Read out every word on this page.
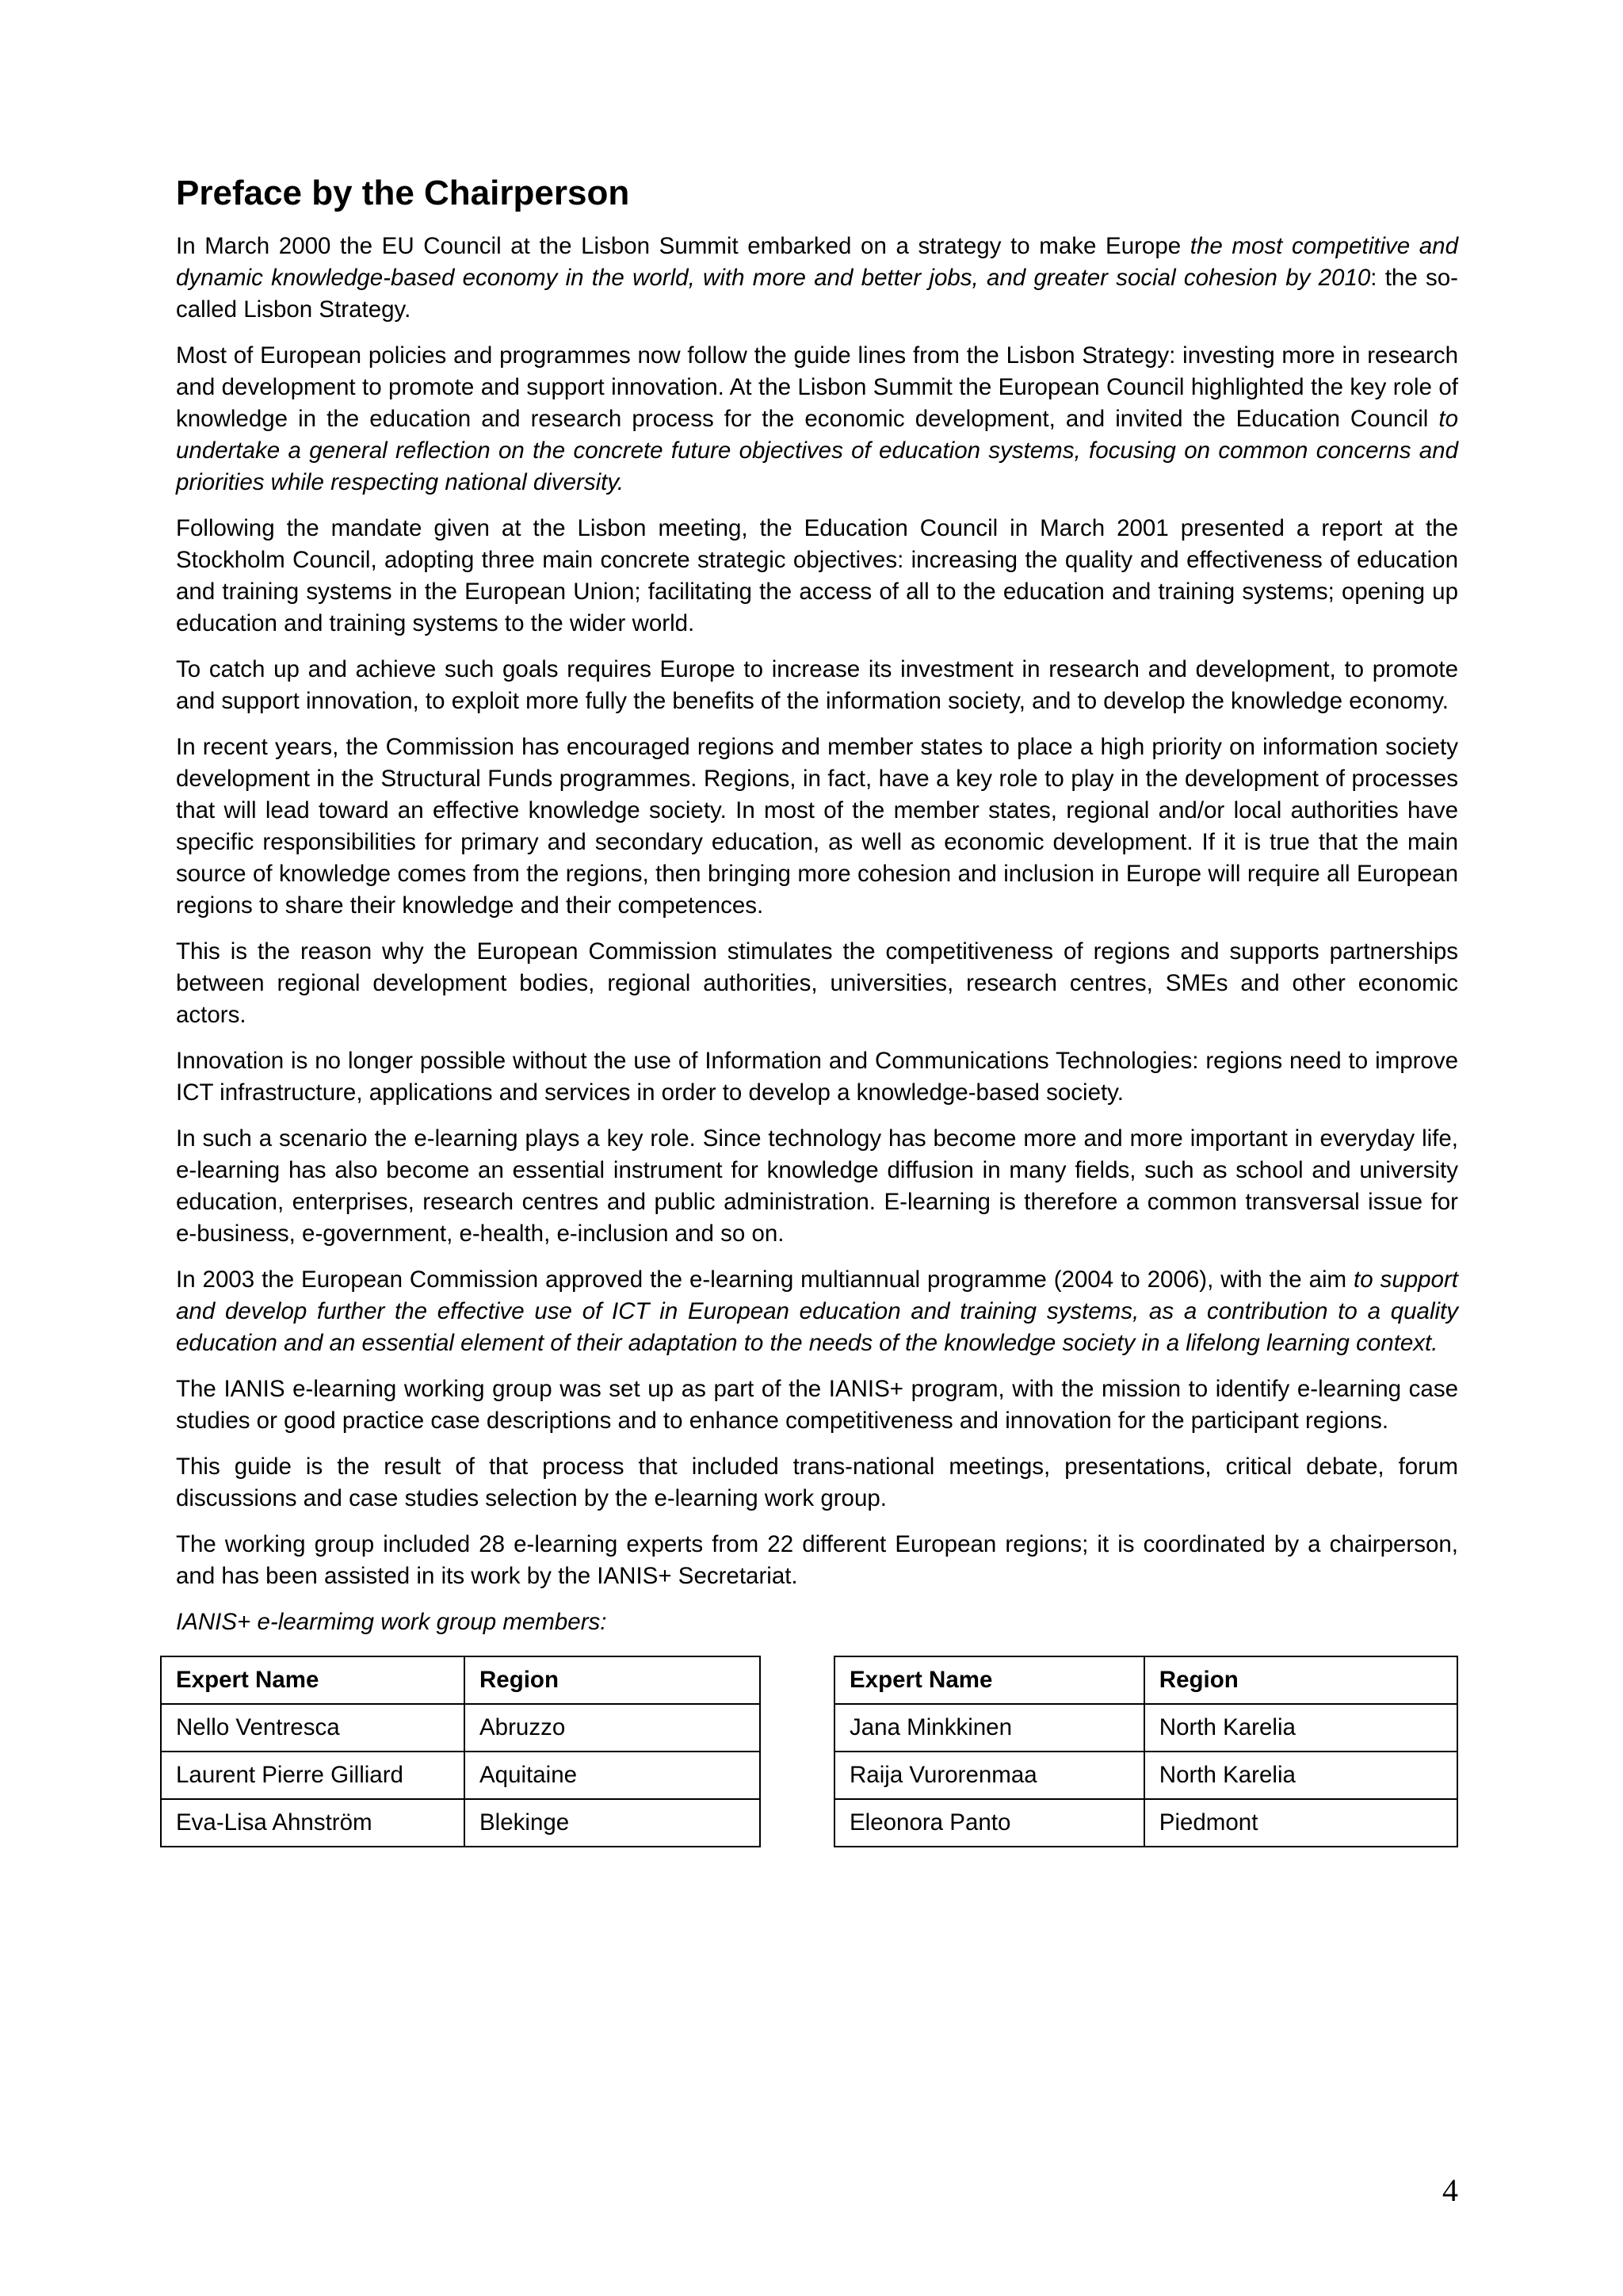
Preface by the Chairperson

In March 2000 the EU Council at the Lisbon Summit embarked on a strategy to make Europe the most competitive and dynamic knowledge-based economy in the world, with more and better jobs, and greater social cohesion by 2010: the so-called Lisbon Strategy.

Most of European policies and programmes now follow the guide lines from the Lisbon Strategy: investing more in research and development to promote and support innovation. At the Lisbon Summit the European Council highlighted the key role of knowledge in the education and research process for the economic development, and invited the Education Council to undertake a general reflection on the concrete future objectives of education systems, focusing on common concerns and priorities while respecting national diversity.

Following the mandate given at the Lisbon meeting, the Education Council in March 2001 presented a report at the Stockholm Council, adopting three main concrete strategic objectives: increasing the quality and effectiveness of education and training systems in the European Union; facilitating the access of all to the education and training systems; opening up education and training systems to the wider world.

To catch up and achieve such goals requires Europe to increase its investment in research and development, to promote and support innovation, to exploit more fully the benefits of the information society, and to develop the knowledge economy.

In recent years, the Commission has encouraged regions and member states to place a high priority on information society development in the Structural Funds programmes. Regions, in fact, have a key role to play in the development of processes that will lead toward an effective knowledge society. In most of the member states, regional and/or local authorities have specific responsibilities for primary and secondary education, as well as economic development. If it is true that the main source of knowledge comes from the regions, then bringing more cohesion and inclusion in Europe will require all European regions to share their knowledge and their competences.

This is the reason why the European Commission stimulates the competitiveness of regions and supports partnerships between regional development bodies, regional authorities, universities, research centres, SMEs and other economic actors.

Innovation is no longer possible without the use of Information and Communications Technologies: regions need to improve ICT infrastructure, applications and services in order to develop a knowledge-based society.

In such a scenario the e-learning plays a key role. Since technology has become more and more important in everyday life, e-learning has also become an essential instrument for knowledge diffusion in many fields, such as school and university education, enterprises, research centres and public administration. E-learning is therefore a common transversal issue for e-business, e-government, e-health, e-inclusion and so on.

In 2003 the European Commission approved the e-learning multiannual programme (2004 to 2006), with the aim to support and develop further the effective use of ICT in European education and training systems, as a contribution to a quality education and an essential element of their adaptation to the needs of the knowledge society in a lifelong learning context.

The IANIS e-learning working group was set up as part of the IANIS+ program, with the mission to identify e-learning case studies or good practice case descriptions and to enhance competitiveness and innovation for the participant regions.

This guide is the result of that process that included trans-national meetings, presentations, critical debate, forum discussions and case studies selection by the e-learning work group.

The working group included 28 e-learning experts from 22 different European regions; it is coordinated by a chairperson, and has been assisted in its work by the IANIS+ Secretariat.

IANIS+ e-learmimg work group members:

Expert Name	Region
Nello Ventresca	Abruzzo
Laurent Pierre Gilliard	Aquitaine
Eva-Lisa Ahnström	Blekinge
Expert Name	Region
Jana Minkkinen	North Karelia
Raija Vurorenmaa	North Karelia
Eleonora Panto	Piedmont
4
